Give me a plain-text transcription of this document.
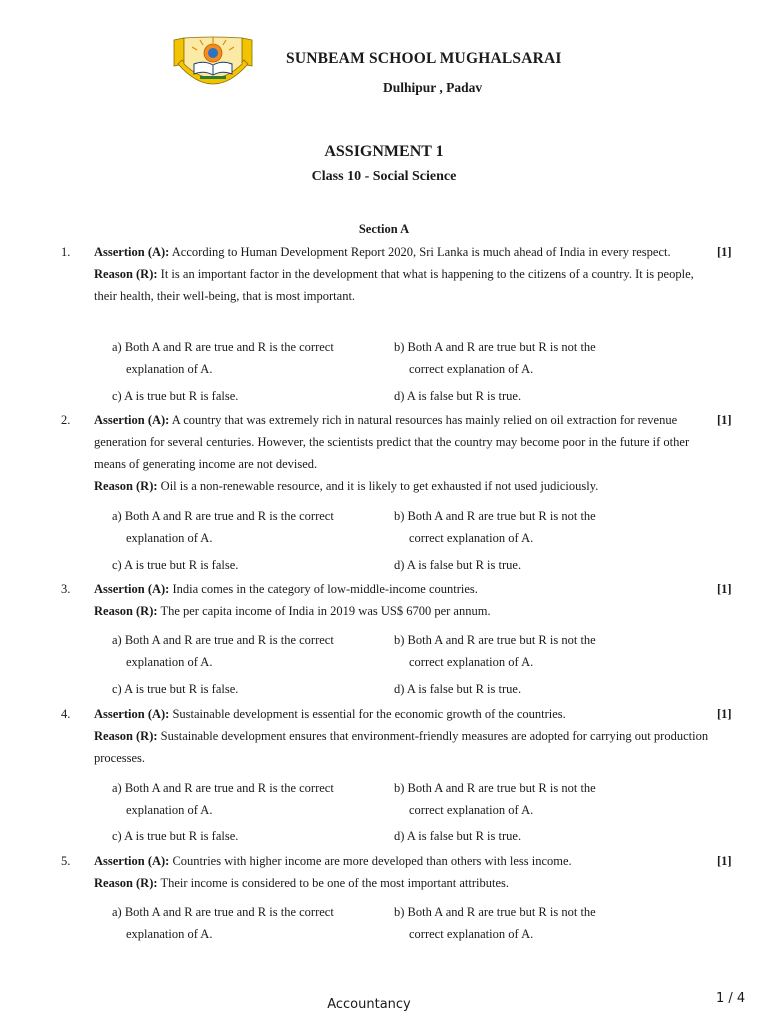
SUNBEAM SCHOOL MUGHALSARAI
Dulhipur , Padav
ASSIGNMENT 1
Class 10 - Social Science
Section A
1. Assertion (A): According to Human Development Report 2020, Sri Lanka is much ahead of India in every respect.

Reason (R): It is an important factor in the development that what is happening to the citizens of a country. It is people, their health, their well-being, that is most important.

[1]
a) Both A and R are true and R is the correct
explanation of A.
b) Both A and R are true but R is not the
correct explanation of A.
c) A is true but R is false.	d) A is false but R is true.
2. Assertion (A): A country that was extremely rich in natural resources has mainly relied on oil extraction for revenue generation for several centuries. However, the scientists predict that the country may become poor in the future if other means of generating income are not devised.

Reason (R): Oil is a non-renewable resource, and it is likely to get exhausted if not used judiciously.

[1]
a) Both A and R are true and R is the correct
explanation of A.
b) Both A and R are true but R is not the
correct explanation of A.
c) A is true but R is false.	d) A is false but R is true.
3. Assertion (A): India comes in the category of low-middle-income countries.

Reason (R): The per capita income of India in 2019 was US$ 6700 per annum.

[1]
a) Both A and R are true and R is the correct
explanation of A.
b) Both A and R are true but R is not the
correct explanation of A.
c) A is true but R is false.	d) A is false but R is true.
4. Assertion (A): Sustainable development is essential for the economic growth of the countries.

Reason (R): Sustainable development ensures that environment-friendly measures are adopted for carrying out production processes.

[1]
a) Both A and R are true and R is the correct
explanation of A.
b) Both A and R are true but R is not the
correct explanation of A.
c) A is true but R is false.	d) A is false but R is true.
5. Assertion (A): Countries with higher income are more developed than others with less income.

Reason (R): Their income is considered to be one of the most important attributes.

[1]
a) Both A and R are true and R is the correct
explanation of A.
b) Both A and R are true but R is not the
correct explanation of A.
Accountancy	1 / 4
